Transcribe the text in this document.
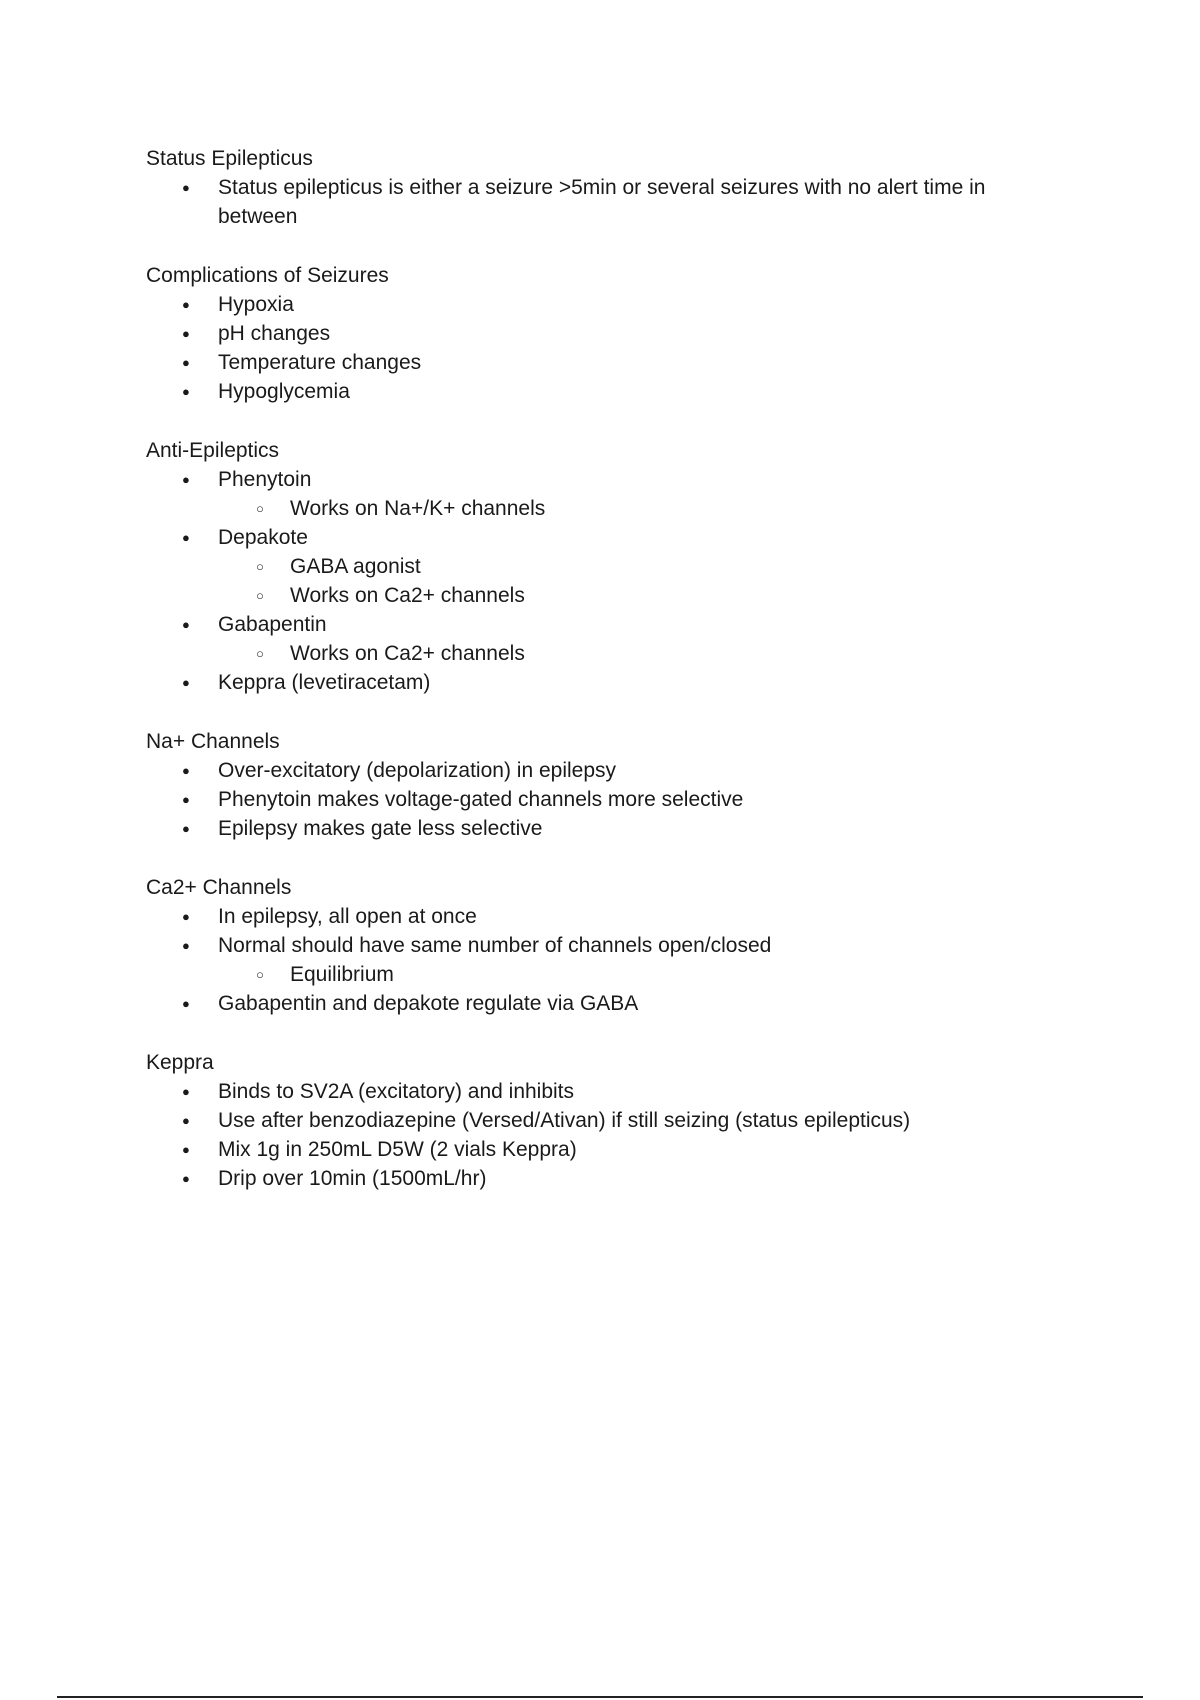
Status Epilepticus

● Status epilepticus is either a seizure >5min or several seizures with no alert time in between

Complications of Seizures

● Hypoxia
● pH changes
● Temperature changes
● Hypoglycemia

Anti-Epileptics

● Phenytoin
○ Works on Na+/K+ channels
● Depakote
○ GABA agonist
○ Works on Ca2+ channels
● Gabapentin
○ Works on Ca2+ channels
● Keppra (levetiracetam)

Na+ Channels

● Over-excitatory (depolarization) in epilepsy
● Phenytoin makes voltage-gated channels more selective
● Epilepsy makes gate less selective

Ca2+ Channels

● In epilepsy, all open at once
● Normal should have same number of channels open/closed
○ Equilibrium
● Gabapentin and depakote regulate via GABA

Keppra

● Binds to SV2A (excitatory) and inhibits
● Use after benzodiazepine (Versed/Ativan) if still seizing (status epilepticus)
● Mix 1g in 250mL D5W (2 vials Keppra)
● Drip over 10min (1500mL/hr)
